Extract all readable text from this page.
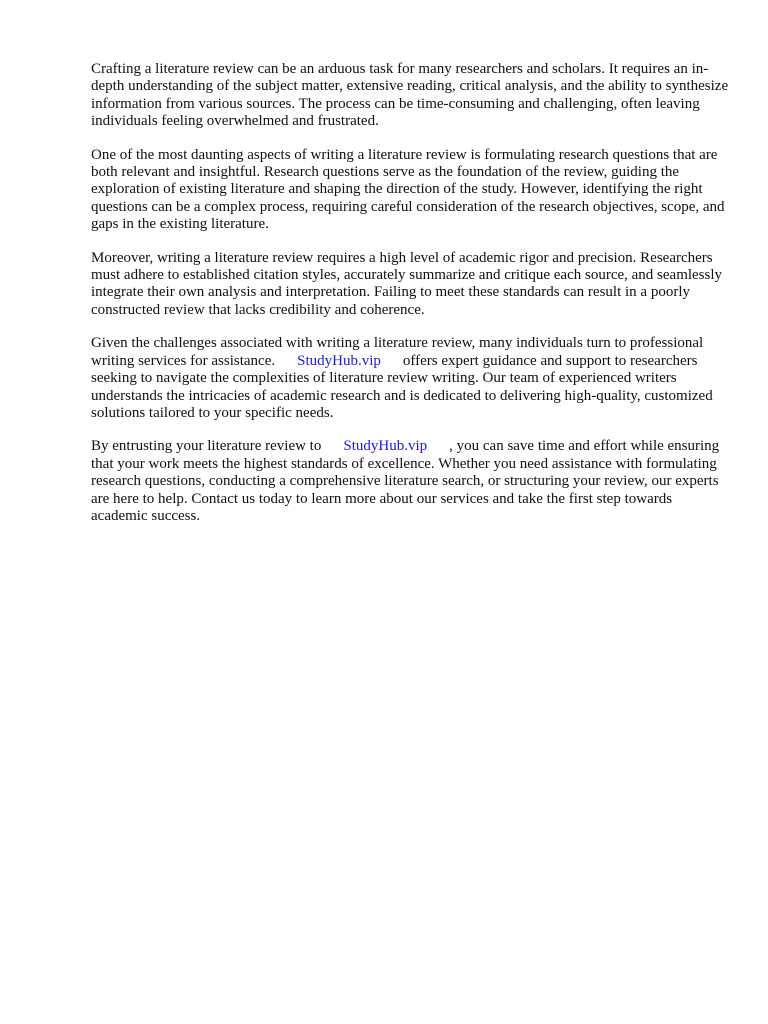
Crafting a literature review can be an arduous task for many researchers and scholars. It requires an in-depth understanding of the subject matter, extensive reading, critical analysis, and the ability to synthesize information from various sources. The process can be time-consuming and challenging, often leaving individuals feeling overwhelmed and frustrated.

One of the most daunting aspects of writing a literature review is formulating research questions that are both relevant and insightful. Research questions serve as the foundation of the review, guiding the exploration of existing literature and shaping the direction of the study. However, identifying the right questions can be a complex process, requiring careful consideration of the research objectives, scope, and gaps in the existing literature.

Moreover, writing a literature review requires a high level of academic rigor and precision. Researchers must adhere to established citation styles, accurately summarize and critique each source, and seamlessly integrate their own analysis and interpretation. Failing to meet these standards can result in a poorly constructed review that lacks credibility and coherence.

Given the challenges associated with writing a literature review, many individuals turn to professional writing services for assistance. StudyHub.vip offers expert guidance and support to researchers seeking to navigate the complexities of literature review writing. Our team of experienced writers understands the intricacies of academic research and is dedicated to delivering high-quality, customized solutions tailored to your specific needs.

By entrusting your literature review to StudyHub.vip , you can save time and effort while ensuring that your work meets the highest standards of excellence. Whether you need assistance with formulating research questions, conducting a comprehensive literature search, or structuring your review, our experts are here to help. Contact us today to learn more about our services and take the first step towards academic success.
